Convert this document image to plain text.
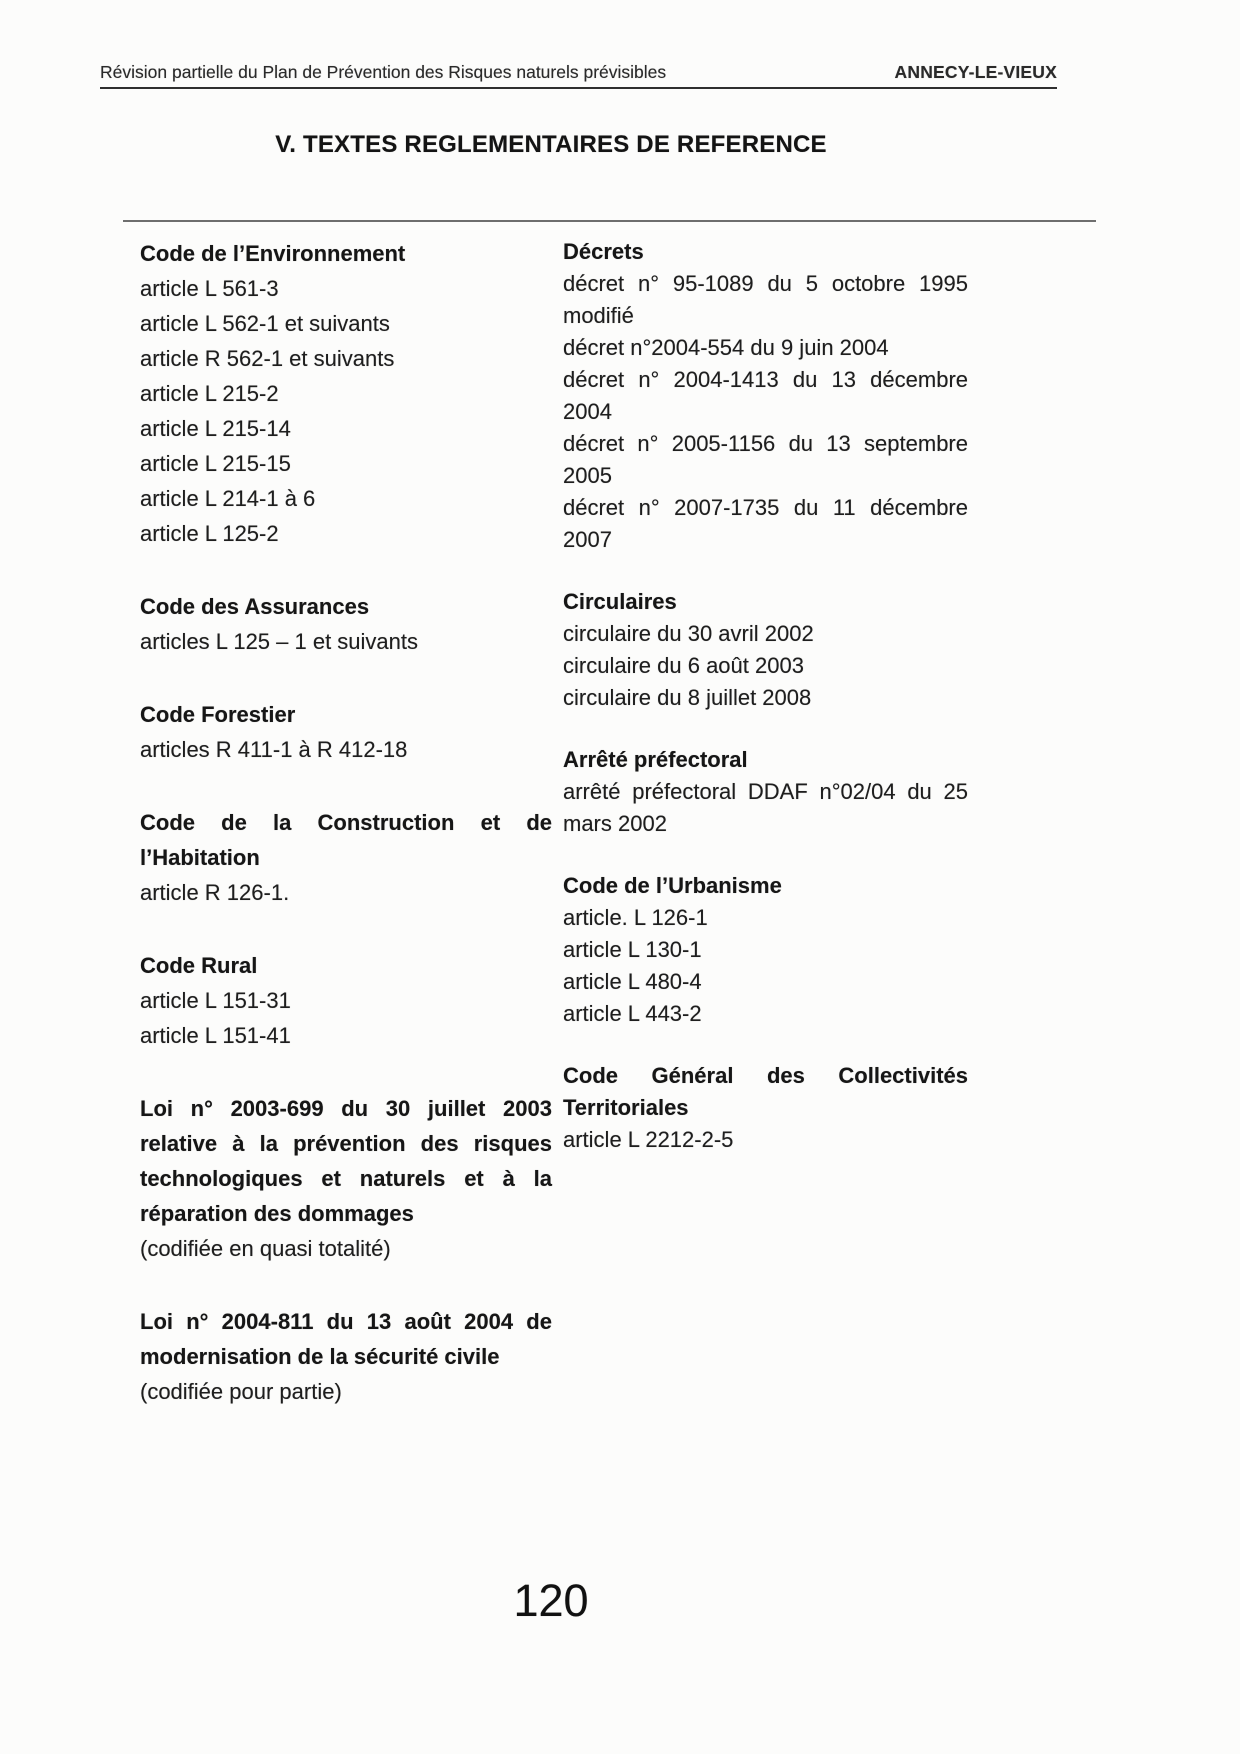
Révision partielle du Plan de Prévention des Risques naturels prévisibles	ANNECY-LE-VIEUX
V. TEXTES REGLEMENTAIRES DE REFERENCE
Code de l’Environnement
article L 561-3
article L 562-1 et suivants
article R 562-1 et suivants
article L 215-2
article L 215-14
article L 215-15
article L 214-1 à 6
article L 125-2
Code des Assurances
articles L 125 – 1 et suivants
Code Forestier
articles R 411-1 à R 412-18
Code de la Construction et de l’Habitation
article R 126-1.
Code Rural
article L 151-31
article L 151-41
Loi n° 2003-699 du 30 juillet 2003 relative à la prévention des risques technologiques et naturels et à la réparation des dommages
(codifiée en quasi totalité)
Loi n° 2004-811 du 13 août 2004 de modernisation de la sécurité civile
(codifiée pour partie)
Décrets
décret n° 95-1089 du 5 octobre 1995 modifié
décret n°2004-554 du 9 juin 2004
décret n° 2004-1413 du 13 décembre 2004
décret n° 2005-1156 du 13 septembre 2005
décret n° 2007-1735 du 11 décembre 2007
Circulaires
circulaire du 30 avril 2002
circulaire du 6 août 2003
circulaire du 8 juillet 2008
Arrêté préfectoral
arrêté préfectoral DDAF n°02/04 du 25 mars 2002
Code de l’Urbanisme
article. L 126-1
article L 130-1
article L 480-4
article L 443-2
Code Général des Collectivités Territoriales
article L 2212-2-5
120
